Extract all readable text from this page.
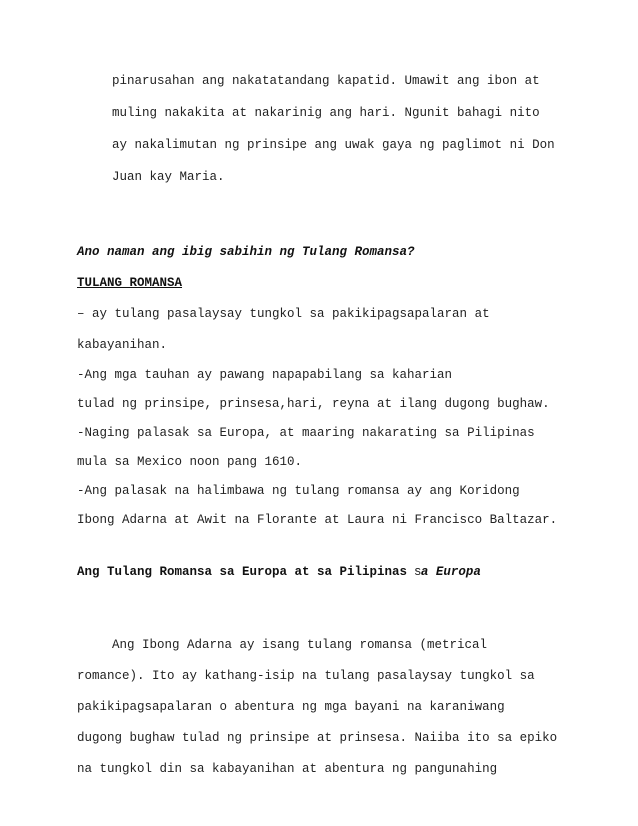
pinarusahan ang nakatatandang kapatid. Umawit ang ibon at
muling nakakita at nakarinig ang hari. Ngunit bahagi nito
ay nakalimutan ng prinsipe ang uwak gaya ng paglimot ni Don
Juan kay Maria.
Ano naman ang ibig sabihin ng Tulang Romansa?
TULANG ROMANSA
– ay tulang pasalaysay tungkol sa pakikipagsapalaran at
kabayanihan.
-Ang mga tauhan ay pawang napapabilang sa kaharian
tulad ng prinsipe, prinsesa,hari, reyna at ilang dugong bughaw.
-Naging palasak sa Europa, at maaring nakarating sa Pilipinas
mula sa Mexico noon pang 1610.
-Ang palasak na halimbawa ng tulang romansa ay ang Koridong
Ibong Adarna at Awit na Florante at Laura ni Francisco Baltazar.
Ang Tulang Romansa sa Europa at sa Pilipinas sa Europa
Ang Ibong Adarna ay isang tulang romansa (metrical
romance). Ito ay kathang-isip na tulang pasalaysay tungkol sa
pakikipagsapalaran o abentura ng mga bayani na karaniwang
dugong bughaw tulad ng prinsipe at prinsesa. Naiiba ito sa epiko
na tungkol din sa kabayanihan at abentura ng pangunahing
